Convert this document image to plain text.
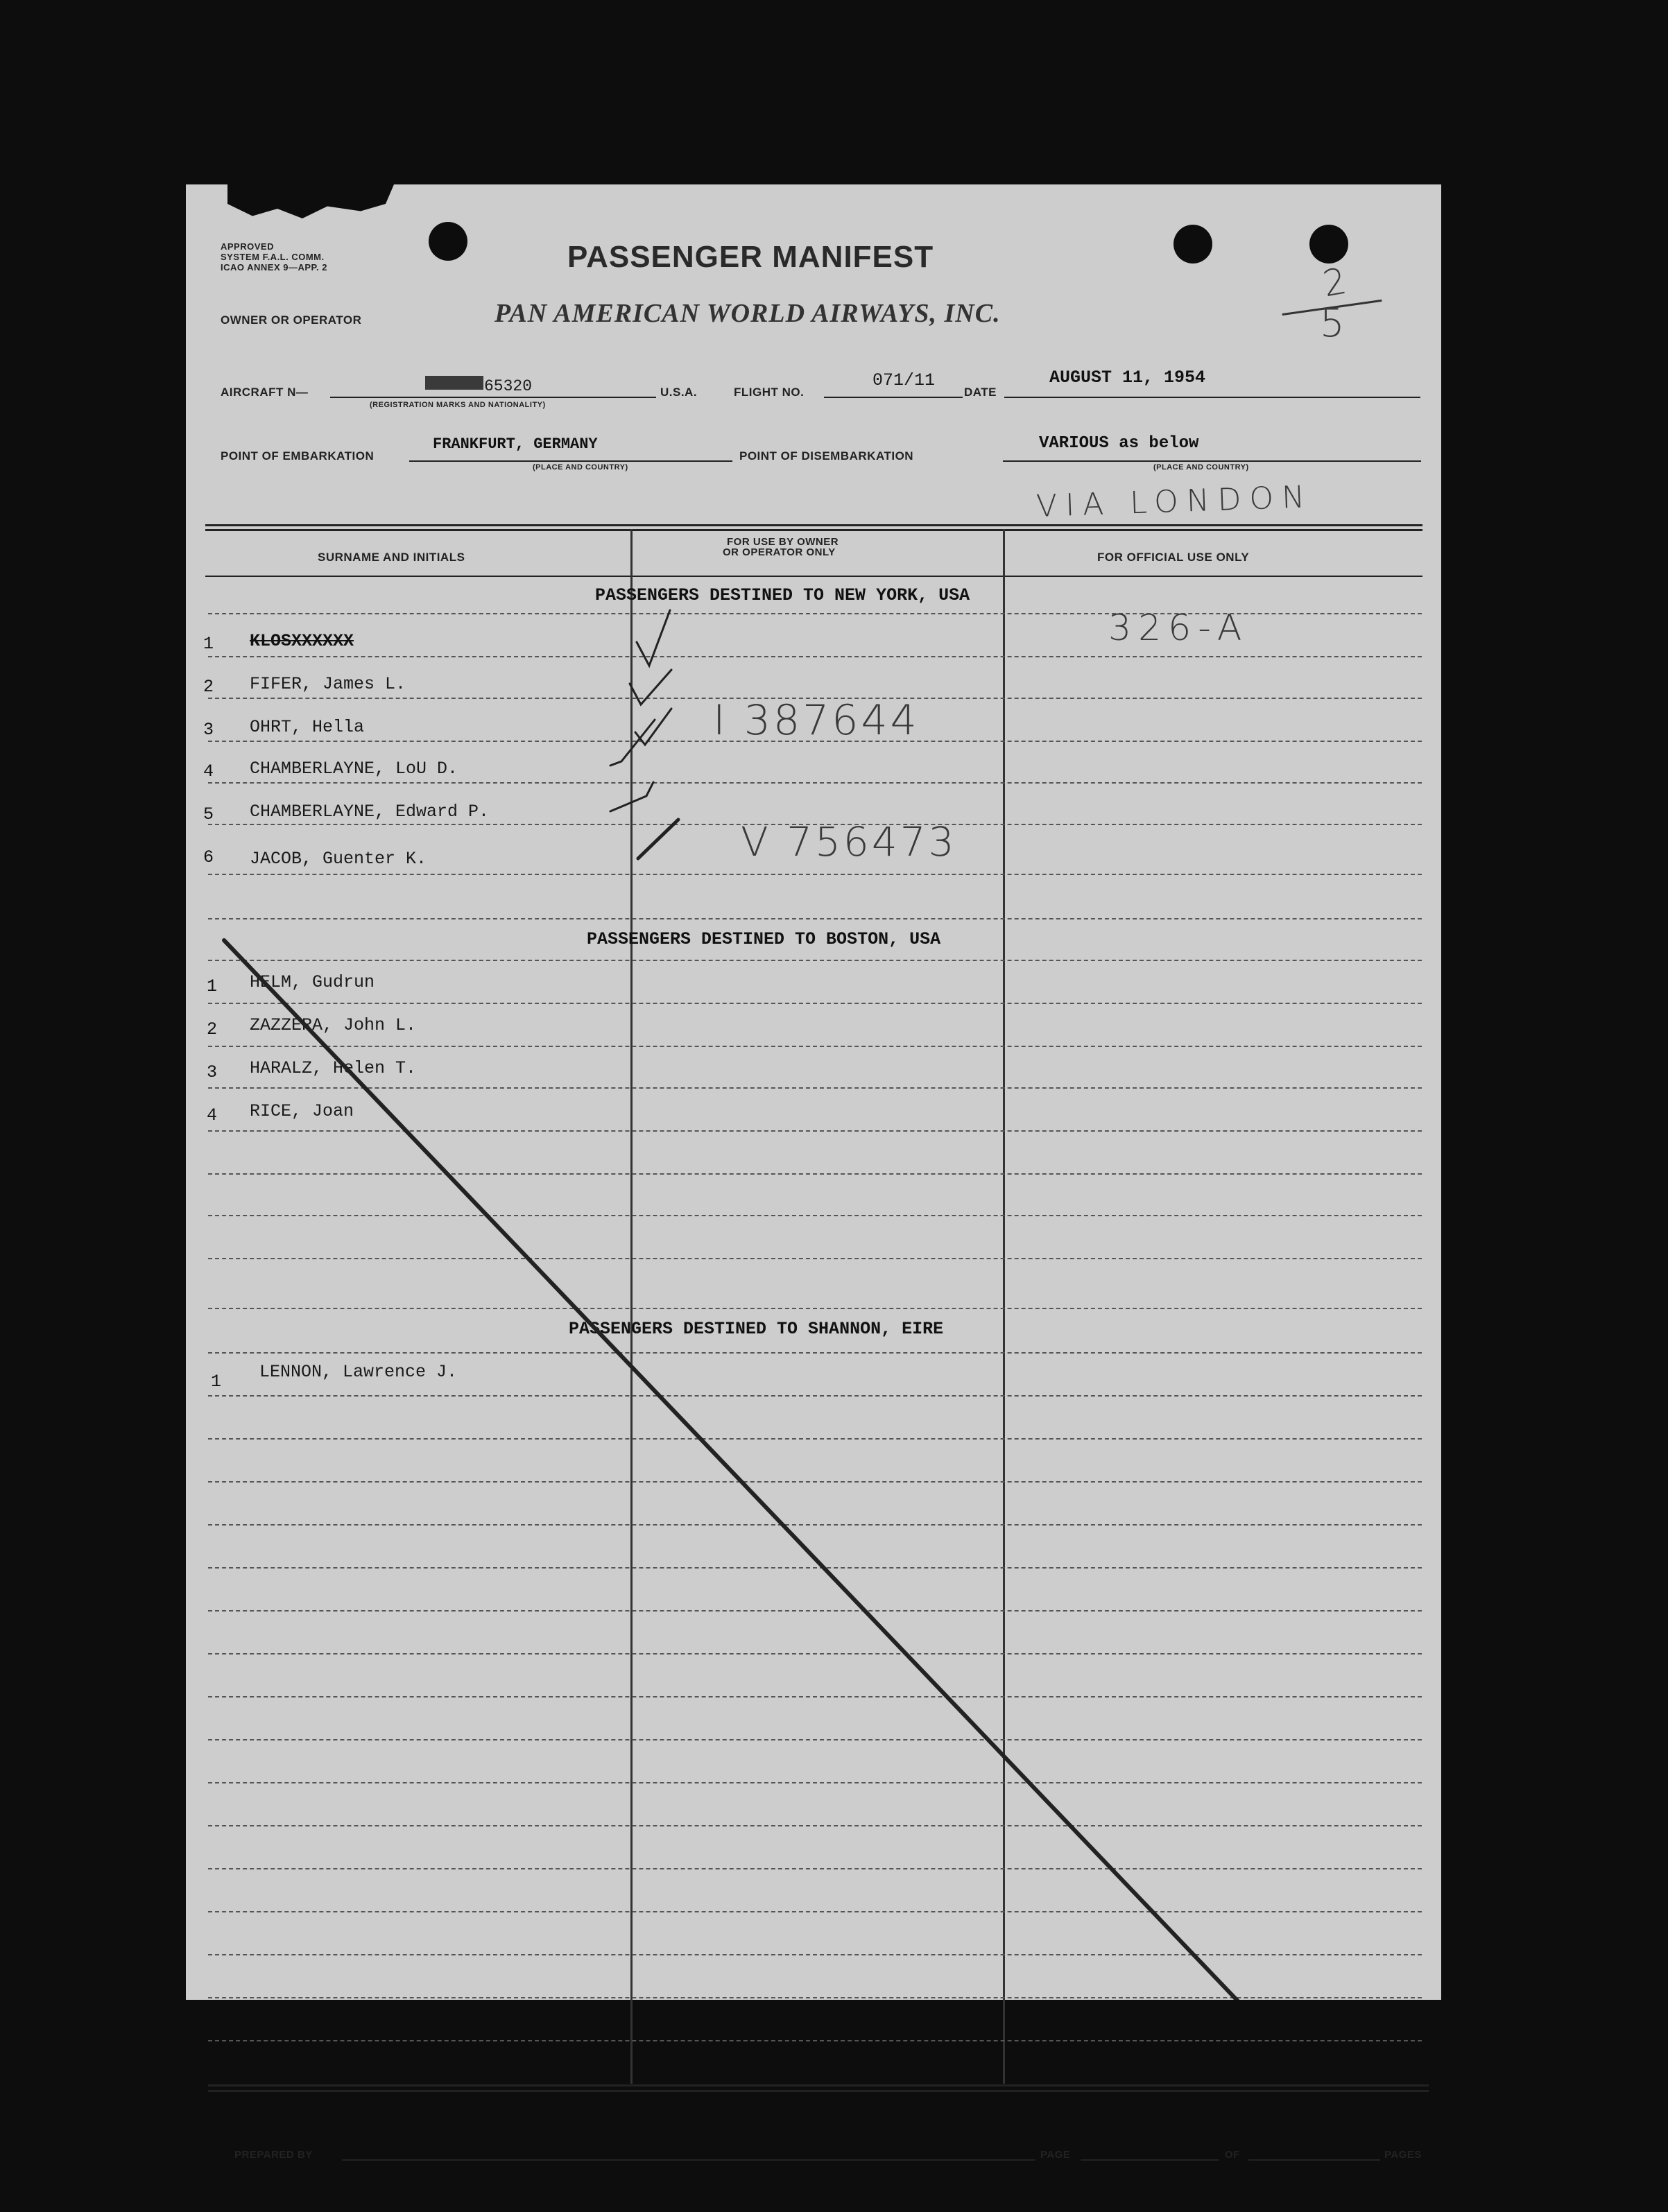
APPROVED
SYSTEM F.A.L. COMM.
ICAO ANNEX 9—APP. 2	PASSENGER MANIFEST
OWNER OR OPERATOR	PAN AMERICAN WORLD AIRWAYS, INC.
2
5
AIRCRAFT N—	65320
(REGISTRATION MARKS AND NATIONALITY)
U.S.A.	FLIGHT NO.
071/11
DATE
AUGUST 11, 1954
POINT OF EMBARKATION
FRANKFURT, GERMANY
(PLACE AND COUNTRY)
POINT OF DISEMBARKATION
VARIOUS as below
(PLACE AND COUNTRY)
VIA LONDON
SURNAME AND INITIALS
FOR USE BY OWNER
OR OPERATOR ONLY	FOR OFFICIAL USE ONLY
PASSENGERS DESTINED TO NEW YORK, USA
326-A
1 KLOSXXXXXX
2 FIFER, James L.
3 OHRT, Hella	I 387644
4 CHAMBERLAYNE, LoU D.
5 CHAMBERLAYNE, Edward P.
6 JACOB, Guenter K.	V 756473
PASSENGERS DESTINED TO BOSTON, USA
1 HELM, Gudrun
2 ZAZZERA, John L.
3 HARALZ, Helen T.
4 RICE, Joan
PASSENGERS DESTINED TO SHANNON, EIRE
1 LENNON, Lawrence J.
PREPARED BY	PAGE	OF	PAGES
